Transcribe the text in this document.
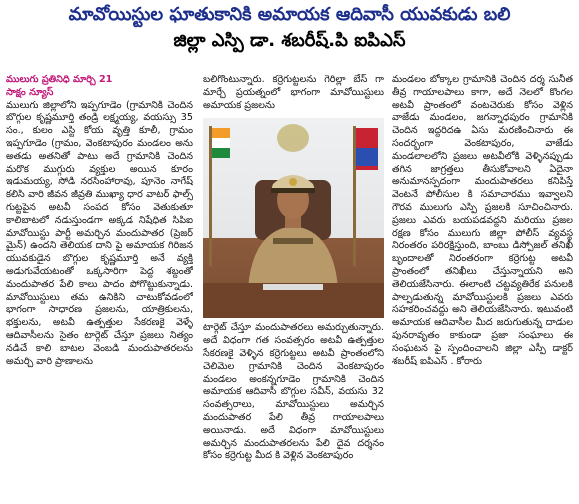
మావోయిస్టుల ఘాతుకానికి అమాయక ఆదివాసీ యువకుడు బలి
జిల్లా ఎస్పి డా. శబరీష్.పి ఐపిఎస్

ములుగు ప్రతినిధి మార్చి 21
సాక్షం న్యూస్

ములుగు జిల్లాలోని ఇప్పగూడెం (గ్రామానికి చెందిన బొగ్గుల కృష్ణమూర్తి తండ్రి లక్ష్మయ్య, వయస్సు 35 సం., కులం ఎస్టి కోయ వృత్తి కూలీ, గ్రామం ఇప్పగూడెం (గ్రామం, వెంకటాపురం మండలం అను అతడు అతనితో పాటు అదే గ్రామానికి చెందిన మరొక ముగ్గురు వ్యక్తుల అయిన కూరం ఇడుమయ్య, సోడి నరసింహారావు, పూనెం నాగేష్ కలిసి వారి జీవన జీవ్రతి ముఖ్యా ధార వాటర్ ఫాల్స్ గుట్టపైన అటవీ సంపద కోసం వెతుకుతూ కాలిబాటలో నడుస్తుండగా అక్కడ నిషేధిత సిపిఐ మావోయిస్టు పార్టీ అమర్చిన మందుపాతర (ప్రెజర్ మైన్) ఉందని తెలియక దాని పై అమాయక గిరిజన యువకుడైన బొగ్గుల కృష్ణమూర్తి అనే వ్యక్తి అడుగువేయటంతో ఒక్కసారిగా పెద్ద శబ్దంతో మందుపాతర పేలి కాలు పాదం పోగొట్టుకున్నాడు. మావోయిస్టులు తమ ఉనికిని చాటుకోవడంలో భాగంగా సాధారణ ప్రజలను, యాత్రికులను, భక్తులను, అటవీ ఉత్పత్తుల సేకరణకై వెళ్ళే ఆదివాసీలను సైతం టార్గెట్ చేస్తూ ప్రజలు నిత్యం నడిచే కాలి బాటల వెంబడి మందుపాతరలను అమర్చి వారి ప్రాణాలను

బలిగొంటున్నారు. కర్రెగుట్టలను గెరిల్లా బేస్ గా మార్చే ప్రయత్నంలో భాగంగా మావోయిస్టులు అమాయక ప్రజలను

టార్గెట్ చేస్తూ మందుపాతరలు అమర్చుతున్నారు. అదే విధంగా గత సంవత్సరం అటవీ ఉత్పత్తుల సేకరణకై వెళ్ళిన కర్రెగుట్టలు అటవీ ప్రాంతంలోని చెలిమెల గ్రామానికి చెందిన వెంకటాపురం మండలం అంకన్నగూడెం గ్రామానికి చెందిన అమాయక ఆదివాసీ బొగ్గుల సవీన్, వయసు 32 సంవత్సరాలు, మావోయిస్టులు అమర్చిన మందుపాతర పేలి తీవ్ర గాయాలపాలు అయినాడు. అదే విధంగా మావోయిస్టులు అమర్చిన మందుపాతరలను పేలి దైవ దర్శనం కోసం కర్రెగుట్ట మీద కి వెళ్లిన వెంకటాపురం

మండలం బోక్కాల గ్రామానికి చెందిన దర్శ సునీత తీవ్ర గాయాలపాలు కాగా, అదే నెలలో కొంగల అటవీ ప్రాంతంలో వంటచెరుకు కోసం వెళ్లిన వాజేడు మండలం, జగన్నాధపురం గ్రామానికి చెందిన ఇద్దరిదఉ ఏసు మరణించినారు ఈ సందర్భంగా వెంకటాపురం, వాజేడు మండలాలలోని ప్రజలు అటవీలోకి వెళ్ళినప్పుడు తగిన జాగ్రత్తలు తీసుకోవాలని ఏదైనా అనుమానస్పదంగా మందుపాతరలు కనిపిస్తే వెంటనే పోలీసుల కి సమాచారము ఇవ్వాలని గౌరవ ములుగు ఎస్పి ప్రజలకి సూచించినారు. ప్రజలు ఎవరు బయపడవద్దని మరియు ప్రజల రక్షణ కోసం ములుగు జిల్లా పోలీస్ వ్యవస్థ నిరంతరం పరిరక్షిస్తుంది, బాంబు డిస్పోజల్ తనిఖీ బృందాలతో నిరంతరంగా కర్రెగుట్ట అటవీ ప్రాంతంలో తనిఖీలు చేస్తున్నాయని అని తెలియజేసినారు. ఈలాంటి చట్టవ్యతిరేక పనులకి పాల్పడుతున్న మావోయిస్టులకి ప్రజలు ఎవరు సహకరించవద్దు అని తెలియజేసినారు. ఇటువంటి అమాయక ఆదివాసీల మీద జరుగుతున్న దాడుల పునరావృతం కాకుండా ప్రజా సంఘాలు ఈ సంఘటన పై స్పందించాలని జిల్లా ఎస్పీ డాక్టర్ శబరీష్ ఐపిఎస్ . కోరారు
